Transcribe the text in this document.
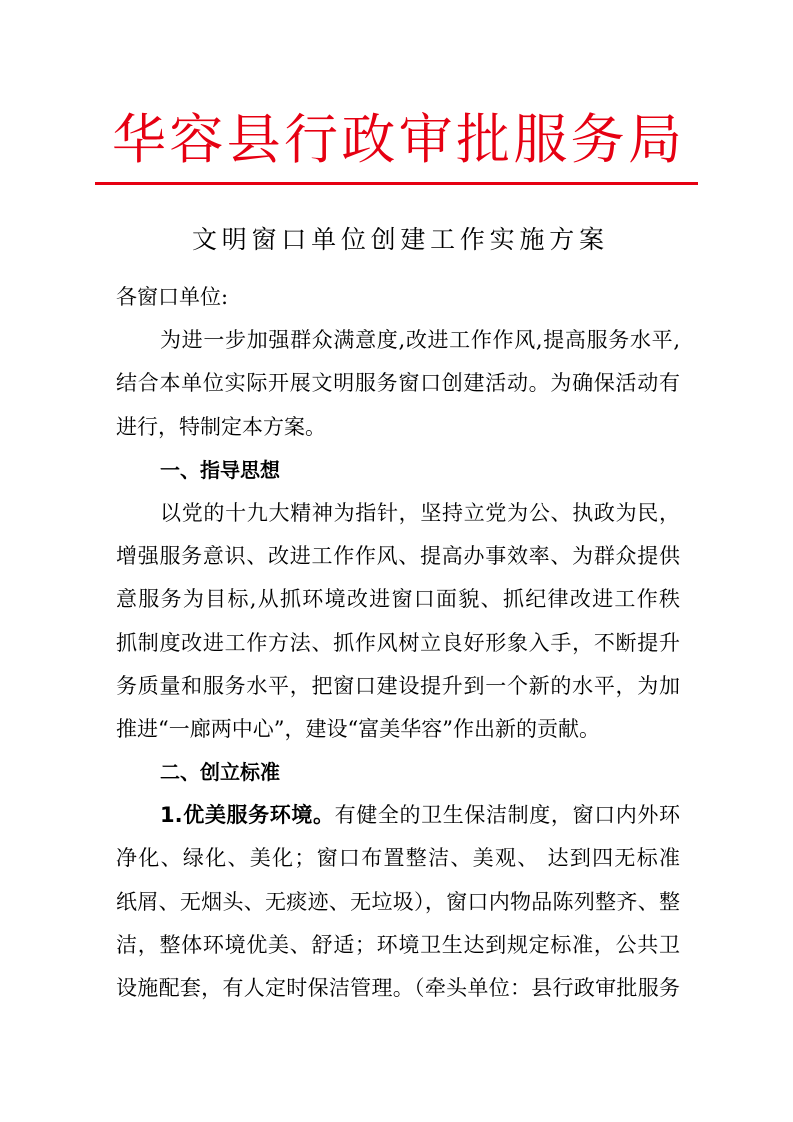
华容县行政审批服务局
文明窗口单位创建工作实施方案
各窗口单位:
为进一步加强群众满意度,改进工作作风,提高服务水平,
结合本单位实际开展文明服务窗口创建活动。为确保活动有
进行，特制定本方案。
一、指导思想
以党的十九大精神为指针，坚持立党为公、执政为民，
增强服务意识、改进工作作风、提高办事效率、为群众提供
意服务为目标,从抓环境改进窗口面貌、抓纪律改进工作秩
抓制度改进工作方法、抓作风树立良好形象入手，不断提升
务质量和服务水平，把窗口建设提升到一个新的水平，为加
推进“一廊两中心”，建设“富美华容”作出新的贡献。
二、创立标准
1.优美服务环境。有健全的卫生保洁制度，窗口内外环
净化、绿化、美化；窗口布置整洁、美观、 达到四无标准
纸屑、无烟头、无痰迹、无垃圾），窗口内物品陈列整齐、整
洁，整体环境优美、舒适；环境卫生达到规定标准，公共卫
设施配套，有人定时保洁管理。（牵头单位：县行政审批服务
